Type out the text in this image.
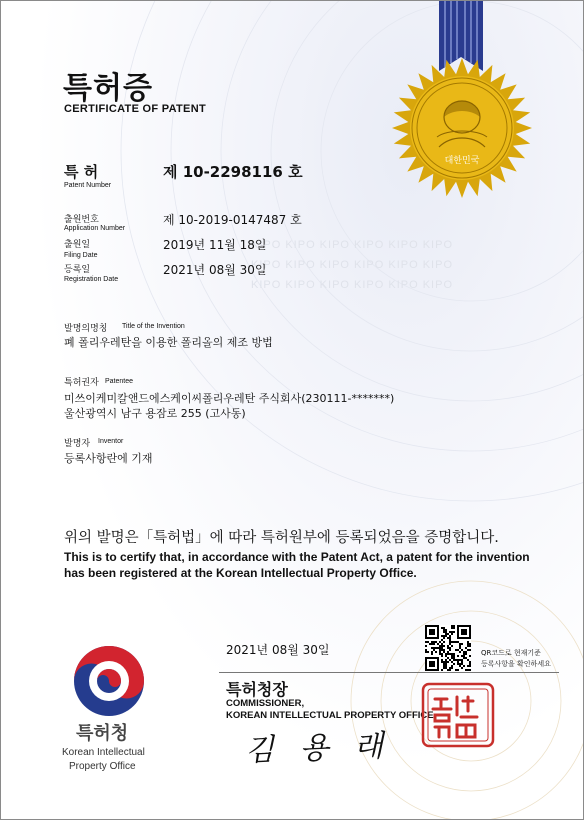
KIPO KIPO KIPO KIPO KIPO KIPO
KIPO KIPO KIPO KIPO KIPO KIPO
KIPO KIPO KIPO KIPO KIPO KIPO
대한민국
특허증
CERTIFICATE OF PATENT
특 허
Patent Number
제 10-2298116 호
출원번호
Application Number
제 10-2019-0147487 호
출원일
Filing Date
2019년 11월 18일
등록일
Registration Date
2021년 08월 30일
발명의명칭 Title of the Invention
폐 폴리우레탄을 이용한 폴리올의 제조 방법
특허권자 Patentee
미쓰이케미칼앤드에스케이씨폴리우레탄 주식회사(230111-*******)
울산광역시 남구 용잠로 255 (고사동)
발명자 Inventor
등록사항란에 기재
위의 발명은「특허법」에 따라 특허원부에 등록되었음을 증명합니다.
This is to certify that, in accordance with the Patent Act, a patent for the invention
has been registered at the Korean Intellectual Property Office.
2021년 08월 30일	QR코드로 현재기준
등록사항을 확인하세요
특허청장
COMMISSIONER,
KOREAN INTELLECTUAL PROPERTY OFFICE
김 용 래
특허청
Korean Intellectual
Property Office
